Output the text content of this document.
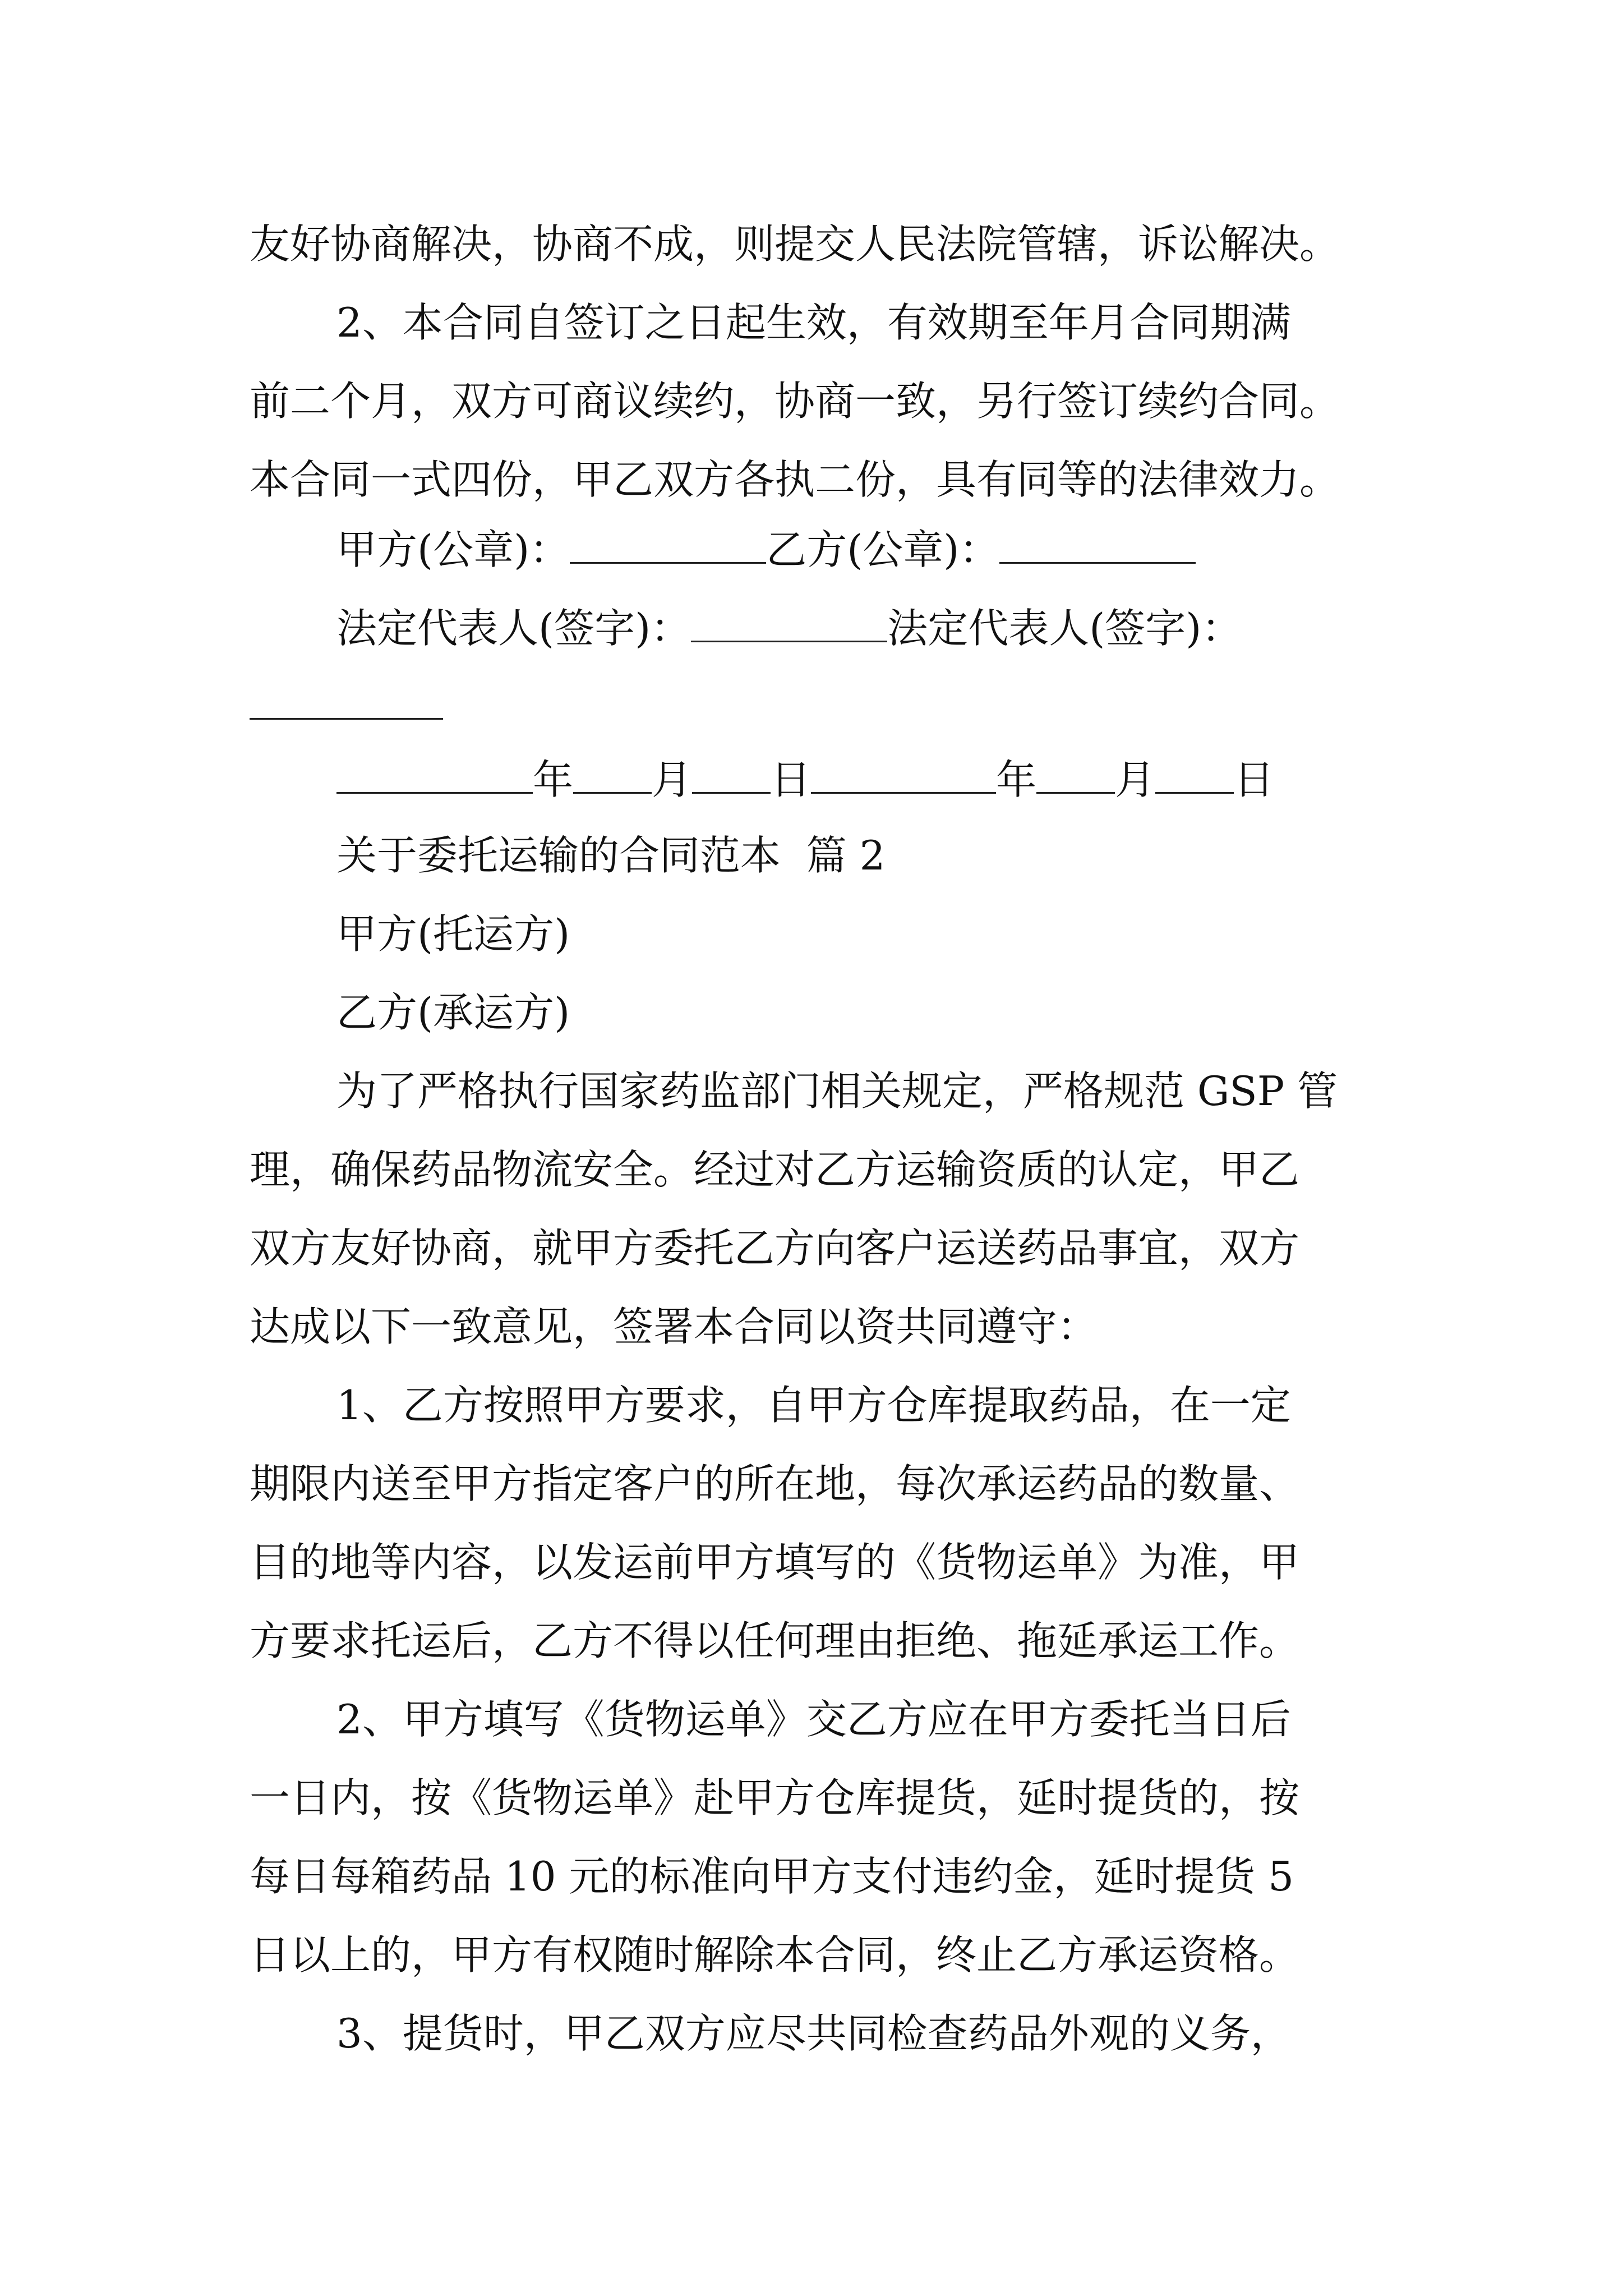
友好协商解决，协商不成，则提交人民法院管辖，诉讼解决。
2、本合同自签订之日起生效，有效期至年月合同期满
前二个月，双方可商议续约，协商一致，另行签订续约合同。
本合同一式四份，甲乙双方各执二份，具有同等的法律效力。
甲方(公章)：	乙方(公章)：
法定代表人(签字)：	法定代表人(签字)：
年 月 日	年 月 日
关于委托运输的合同范本  篇 2
甲方(托运方)
乙方(承运方)
为了严格执行国家药监部门相关规定，严格规范 GSP 管
理，确保药品物流安全。经过对乙方运输资质的认定，甲乙
双方友好协商，就甲方委托乙方向客户运送药品事宜，双方
达成以下一致意见，签署本合同以资共同遵守：
1、乙方按照甲方要求，自甲方仓库提取药品，在一定
期限内送至甲方指定客户的所在地，每次承运药品的数量、
目的地等内容，以发运前甲方填写的《货物运单》为准，甲
方要求托运后，乙方不得以任何理由拒绝、拖延承运工作。
2、甲方填写《货物运单》交乙方应在甲方委托当日后
一日内，按《货物运单》赴甲方仓库提货，延时提货的，按
每日每箱药品 10 元的标准向甲方支付违约金，延时提货 5
日以上的，甲方有权随时解除本合同，终止乙方承运资格。
3、提货时，甲乙双方应尽共同检查药品外观的义务，
